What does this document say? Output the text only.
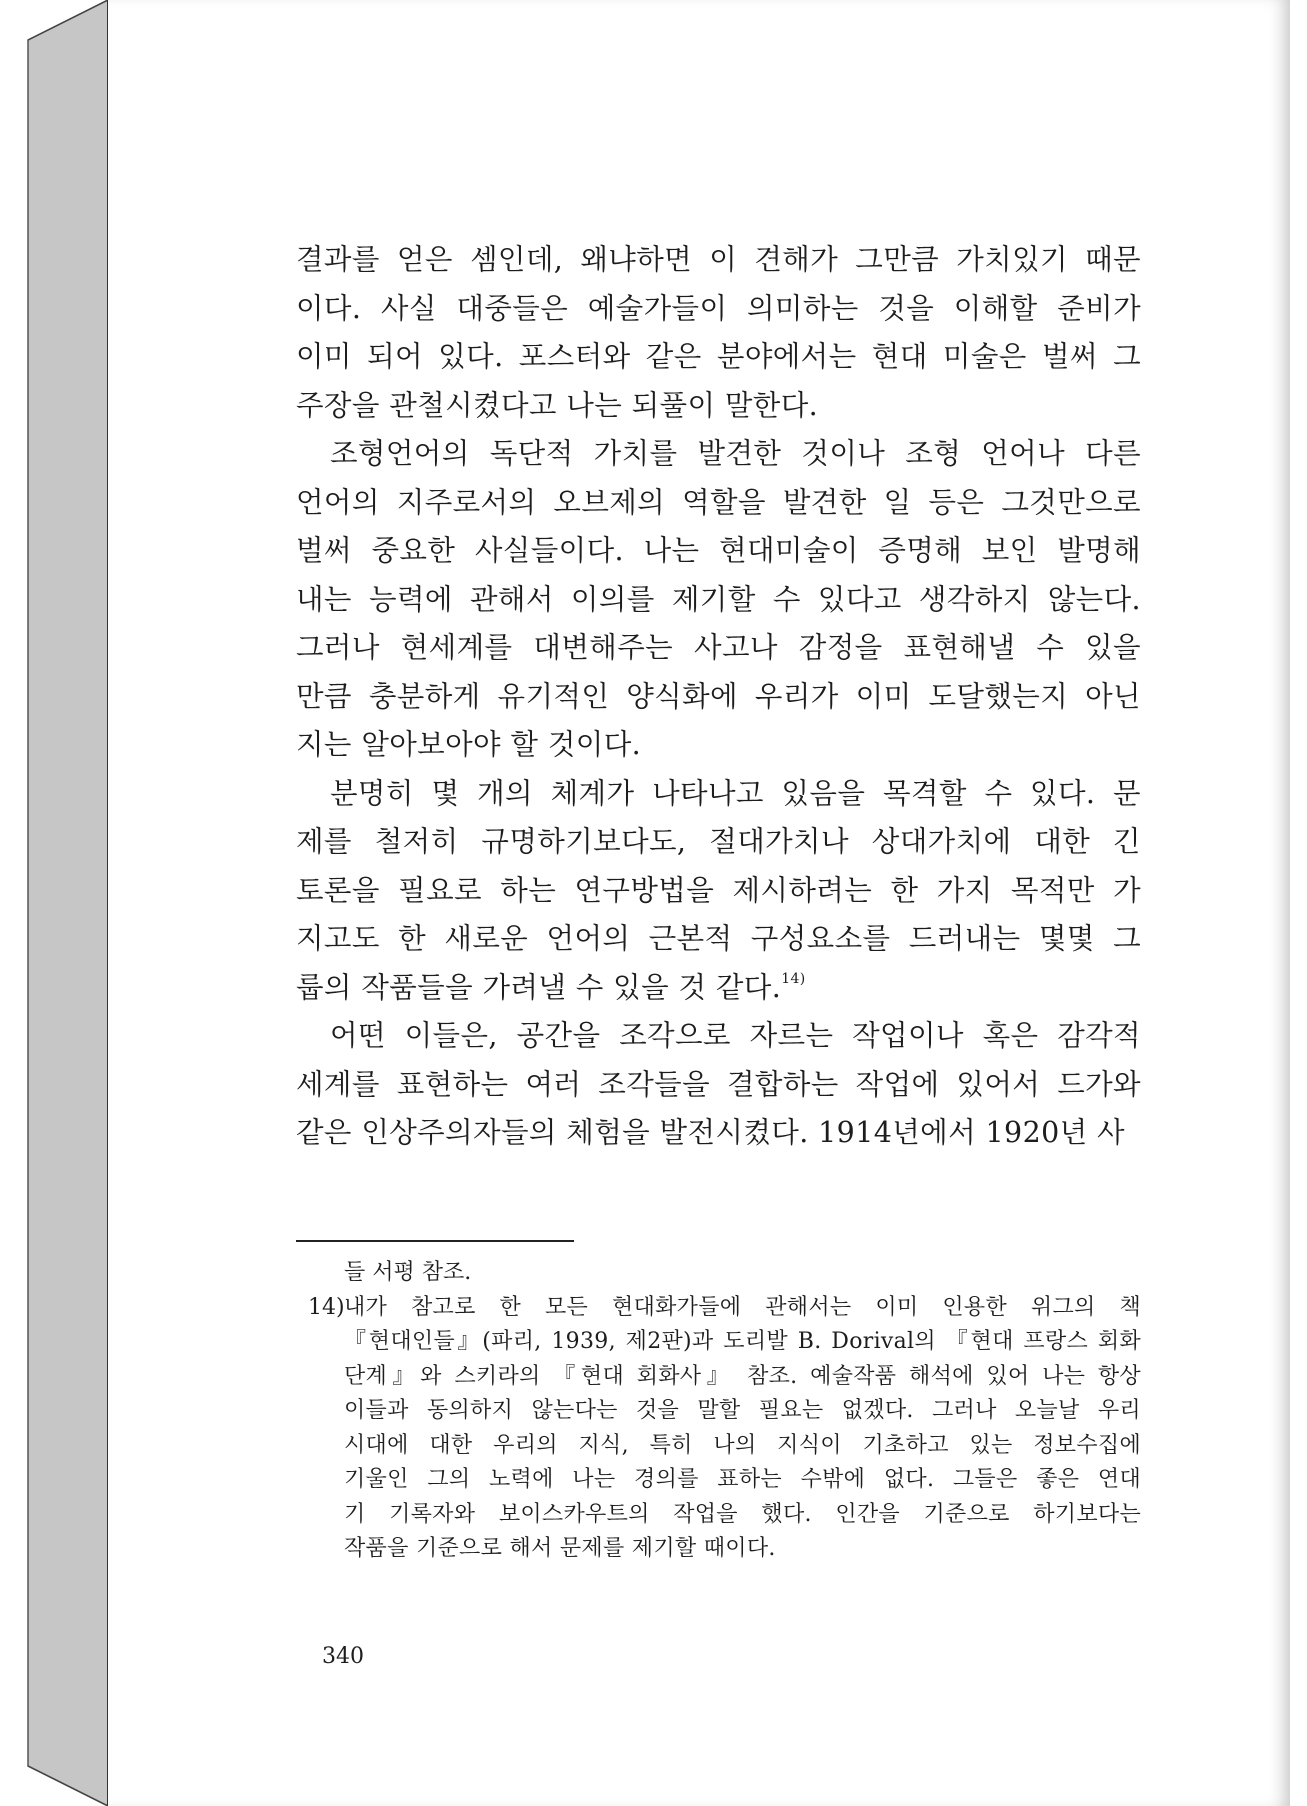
결과를 얻은 셈인데, 왜냐하면 이 견해가 그만큼 가치있기 때문

이다. 사실 대중들은 예술가들이 의미하는 것을 이해할 준비가

이미 되어 있다. 포스터와 같은 분야에서는 현대 미술은 벌써 그

주장을 관철시켰다고 나는 되풀이 말한다.

조형언어의 독단적 가치를 발견한 것이나 조형 언어나 다른

언어의 지주로서의 오브제의 역할을 발견한 일 등은 그것만으로

벌써 중요한 사실들이다. 나는 현대미술이 증명해 보인 발명해

내는 능력에 관해서 이의를 제기할 수 있다고 생각하지 않는다.

그러나 현세계를 대변해주는 사고나 감정을 표현해낼 수 있을

만큼 충분하게 유기적인 양식화에 우리가 이미 도달했는지 아닌

지는 알아보아야 할 것이다.

분명히 몇 개의 체계가 나타나고 있음을 목격할 수 있다. 문

제를 철저히 규명하기보다도, 절대가치나 상대가치에 대한 긴

토론을 필요로 하는 연구방법을 제시하려는 한 가지 목적만 가

지고도 한 새로운 언어의 근본적 구성요소를 드러내는 몇몇 그

룹의 작품들을 가려낼 수 있을 것 같다.$^{14)}$

어떤 이들은, 공간을 조각으로 자르는 작업이나 혹은 감각적

세계를 표현하는 여러 조각들을 결합하는 작업에 있어서 드가와

같은 인상주의자들의 체험을 발전시켰다. 1914년에서 1920년 사

들 서평 참조.
14) 내가 참고로 한 모든 현대화가들에 관해서는 이미 인용한 위그의 책
『현대인들』(파리, 1939, 제2판)과 도리발 B. Dorival의 『현대 프랑스 회화
단계』와 스키라의 『현대 회화사』 참조. 예술작품 해석에 있어 나는 항상
이들과 동의하지 않는다는 것을 말할 필요는 없겠다. 그러나 오늘날 우리
시대에 대한 우리의 지식, 특히 나의 지식이 기초하고 있는 정보수집에
기울인 그의 노력에 나는 경의를 표하는 수밖에 없다. 그들은 좋은 연대
기 기록자와 보이스카우트의 작업을 했다. 인간을 기준으로 하기보다는
작품을 기준으로 해서 문제를 제기할 때이다.
340
